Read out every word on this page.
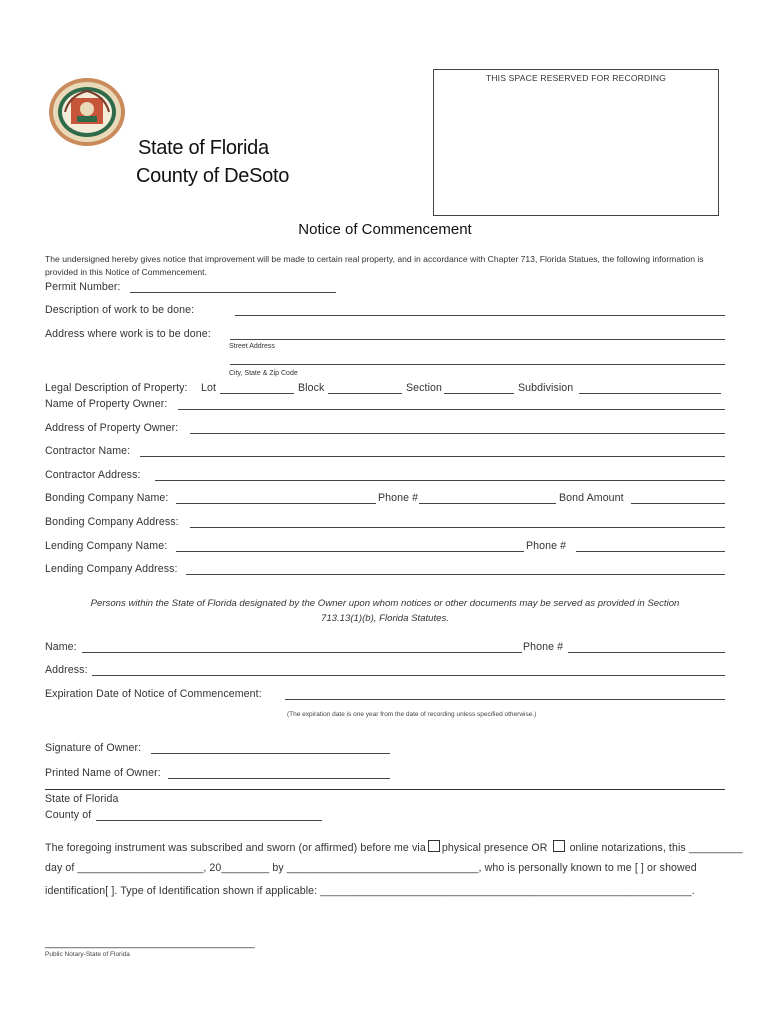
THIS SPACE RESERVED FOR RECORDING
State of Florida
County of DeSoto
Notice of Commencement
The undersigned hereby gives notice that improvement will be made to certain real property, and in accordance with Chapter 713, Florida Statues, the following information is provided in this Notice of Commencement.
Permit Number:
Description of work to be done:
Address where work is to be done:
Street Address
City, State & Zip Code
Legal Description of Property: Lot	Block	Section	Subdivision
Name of Property Owner:
Address of Property Owner:
Contractor Name:
Contractor Address:
Bonding Company Name:	Phone #	Bond Amount
Bonding Company Address:
Lending Company Name:	Phone #
Lending Company Address:
Persons within the State of Florida designated by the Owner upon whom notices or other documents may be served as provided in Section
713.13(1)(b), Florida Statutes.
Name:	Phone #
Address:
Expiration Date of Notice of Commencement:
(The expiration date is one year from the date of recording unless specified otherwise.)
Signature of Owner:
Printed Name of Owner:
State of Florida
County of
The foregoing instrument was subscribed and sworn (or affirmed) before me via physical presence OR online notarizations, this _________
day of _____________________, 20________ by ________________________________, who is personally known to me [ ] or showed
identification[ ]. Type of Identification shown if applicable: ______________________________________________________________.
___________________________________
Public Notary-State of Florida
